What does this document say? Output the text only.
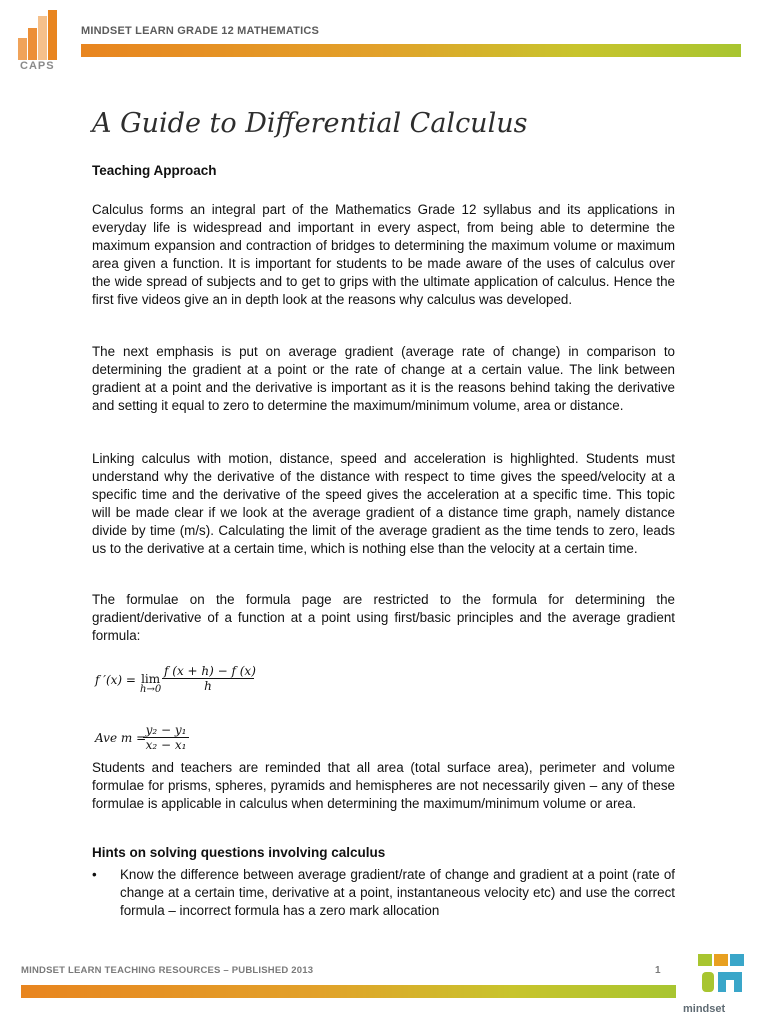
CAPS
MINDSET LEARN GRADE 12 MATHEMATICS
A Guide to Differential Calculus
Teaching Approach

Calculus forms an integral part of the Mathematics Grade 12 syllabus and its applications in everyday life is widespread and important in every aspect, from being able to determine the maximum expansion and contraction of bridges to determining the maximum volume or maximum area given a function. It is important for students to be made aware of the uses of calculus over the wide spread of subjects and to get to grips with the ultimate application of calculus. Hence the first five videos give an in depth look at the reasons why calculus was developed.

The next emphasis is put on average gradient (average rate of change) in comparison to determining the gradient at a point or the rate of change at a certain value. The link between gradient at a point and the derivative is important as it is the reasons behind taking the derivative and setting it equal to zero to determine the maximum/minimum volume, area or distance.

Linking calculus with motion, distance, speed and acceleration is highlighted. Students must understand why the derivative of the distance with respect to time gives the speed/velocity at a specific time and the derivative of the speed gives the acceleration at a specific time. This topic will be made clear if we look at the average gradient of a distance time graph, namely distance divide by time (m/s). Calculating the limit of the average gradient as the time tends to zero, leads us to the derivative at a certain time, which is nothing else than the velocity at a certain time.

The formulae on the formula page are restricted to the formula for determining the gradient/derivative of a function at a point using first/basic principles and the average gradient formula:

f ′(x) = lim
$h\to 0 \frac{f (x + h) - f (x)}{h}$
Ave m =
$\frac{\text{y₂ − y₁}}{\text{x₂ − x₁}}$

Students and teachers are reminded that all area (total surface area), perimeter and volume formulae for prisms, spheres, pyramids and hemispheres are not necessarily given – any of these formulae is applicable in calculus when determining the maximum/minimum volume or area.

Hints on solving questions involving calculus
•	Know the difference between average gradient/rate of change and gradient at a point (rate of change at a certain time, derivative at a point, instantaneous velocity etc) and use the correct formula – incorrect formula has a zero mark allocation
MINDSET LEARN TEACHING RESOURCES – PUBLISHED 2013	1
mindset
